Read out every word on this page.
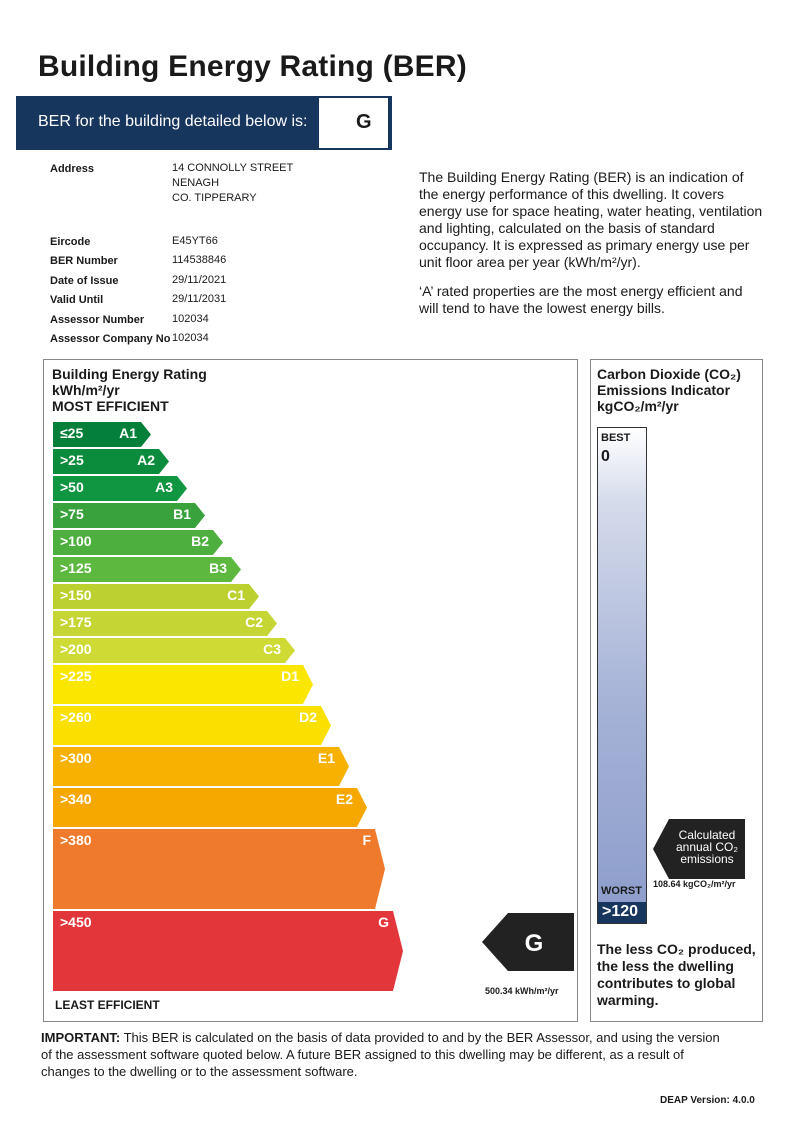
Building Energy Rating (BER)
BER for the building detailed below is:	G
Address	14 CONNOLLY STREET
NENAGH
CO. TIPPERARY
Eircode	E45YT66
BER Number	114538846
Date of Issue	29/11/2021
Valid Until	29/11/2031
Assessor Number	102034
Assessor Company No 102034

The Building Energy Rating (BER) is an indication of the energy performance of this dwelling. It covers energy use for space heating, water heating, ventilation and lighting, calculated on the basis of standard occupancy. It is expressed as primary energy use per unit floor area per year (kWh/m²/yr).

‘A’ rated properties are the most energy efficient and will tend to have the lowest energy bills.

Building Energy Rating
kWh/m²/yr
MOST EFFICIENT
≤25	A1
>25	A2
>50	A3
>75	B1
>100	B2
>125	B3
>150	C1
>175	C2
>200	C3
>225	D1
>260	D2
>300	E1
>340	E2
>380	F
>450	G
G
500.34 kWh/m²/yr
LEAST EFFICIENT
Carbon Dioxide (CO₂)
Emissions Indicator
kgCO₂/m²/yr
BEST
0
WORST
>120
Calculated
annual CO₂
emissions
108.64 kgCO₂/m²/yr
The less CO₂ produced, the less the dwelling contributes to global warming.
IMPORTANT: This BER is calculated on the basis of data provided to and by the BER Assessor, and using the version of the assessment software quoted below. A future BER assigned to this dwelling may be different, as a result of changes to the dwelling or to the assessment software.
DEAP Version: 4.0.0
